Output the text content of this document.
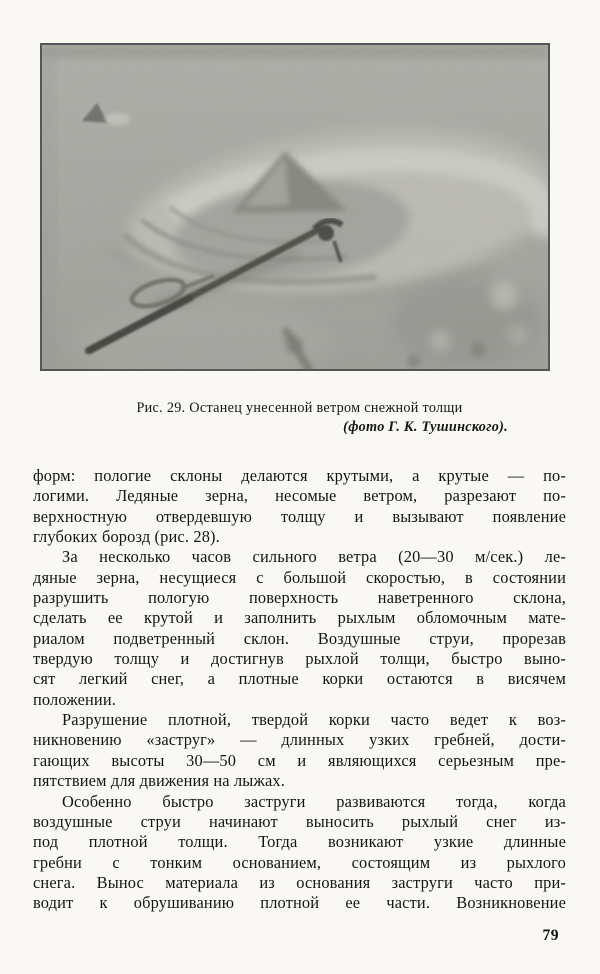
Рис. 29. Останец унесенной ветром снежной толщи
(фото Г. К. Тушинского).
форм: пологие склоны делаются крутыми, а крутые — по-
логими. Ледяные зерна, несомые ветром, разрезают по-
верхностную отвердевшую толщу и вызывают появление
глубоких борозд (рис. 28).
За несколько часов сильного ветра (20—30 м/сек.) ле-
дяные зерна, несущиеся с большой скоростью, в состоянии
разрушить пологую поверхность наветренного склона,
сделать ее крутой и заполнить рыхлым обломочным мате-
риалом подветренный склон. Воздушные струи, прорезав
твердую толщу и достигнув рыхлой толщи, быстро выно-
сят легкий снег, а плотные корки остаются в висячем
положении.
Разрушение плотной, твердой корки часто ведет к воз-
никновению «заструг» — длинных узких гребней, дости-
гающих высоты 30—50 см и являющихся серьезным пре-
пятствием для движения на лыжах.
Особенно быстро заструги развиваются тогда, когда
воздушные струи начинают выносить рыхлый снег из-
под плотной толщи. Тогда возникают узкие длинные
гребни с тонким основанием, состоящим из рыхлого
снега. Вынос материала из основания заструги часто при-
водит к обрушиванию плотной ее части. Возникновение
79
